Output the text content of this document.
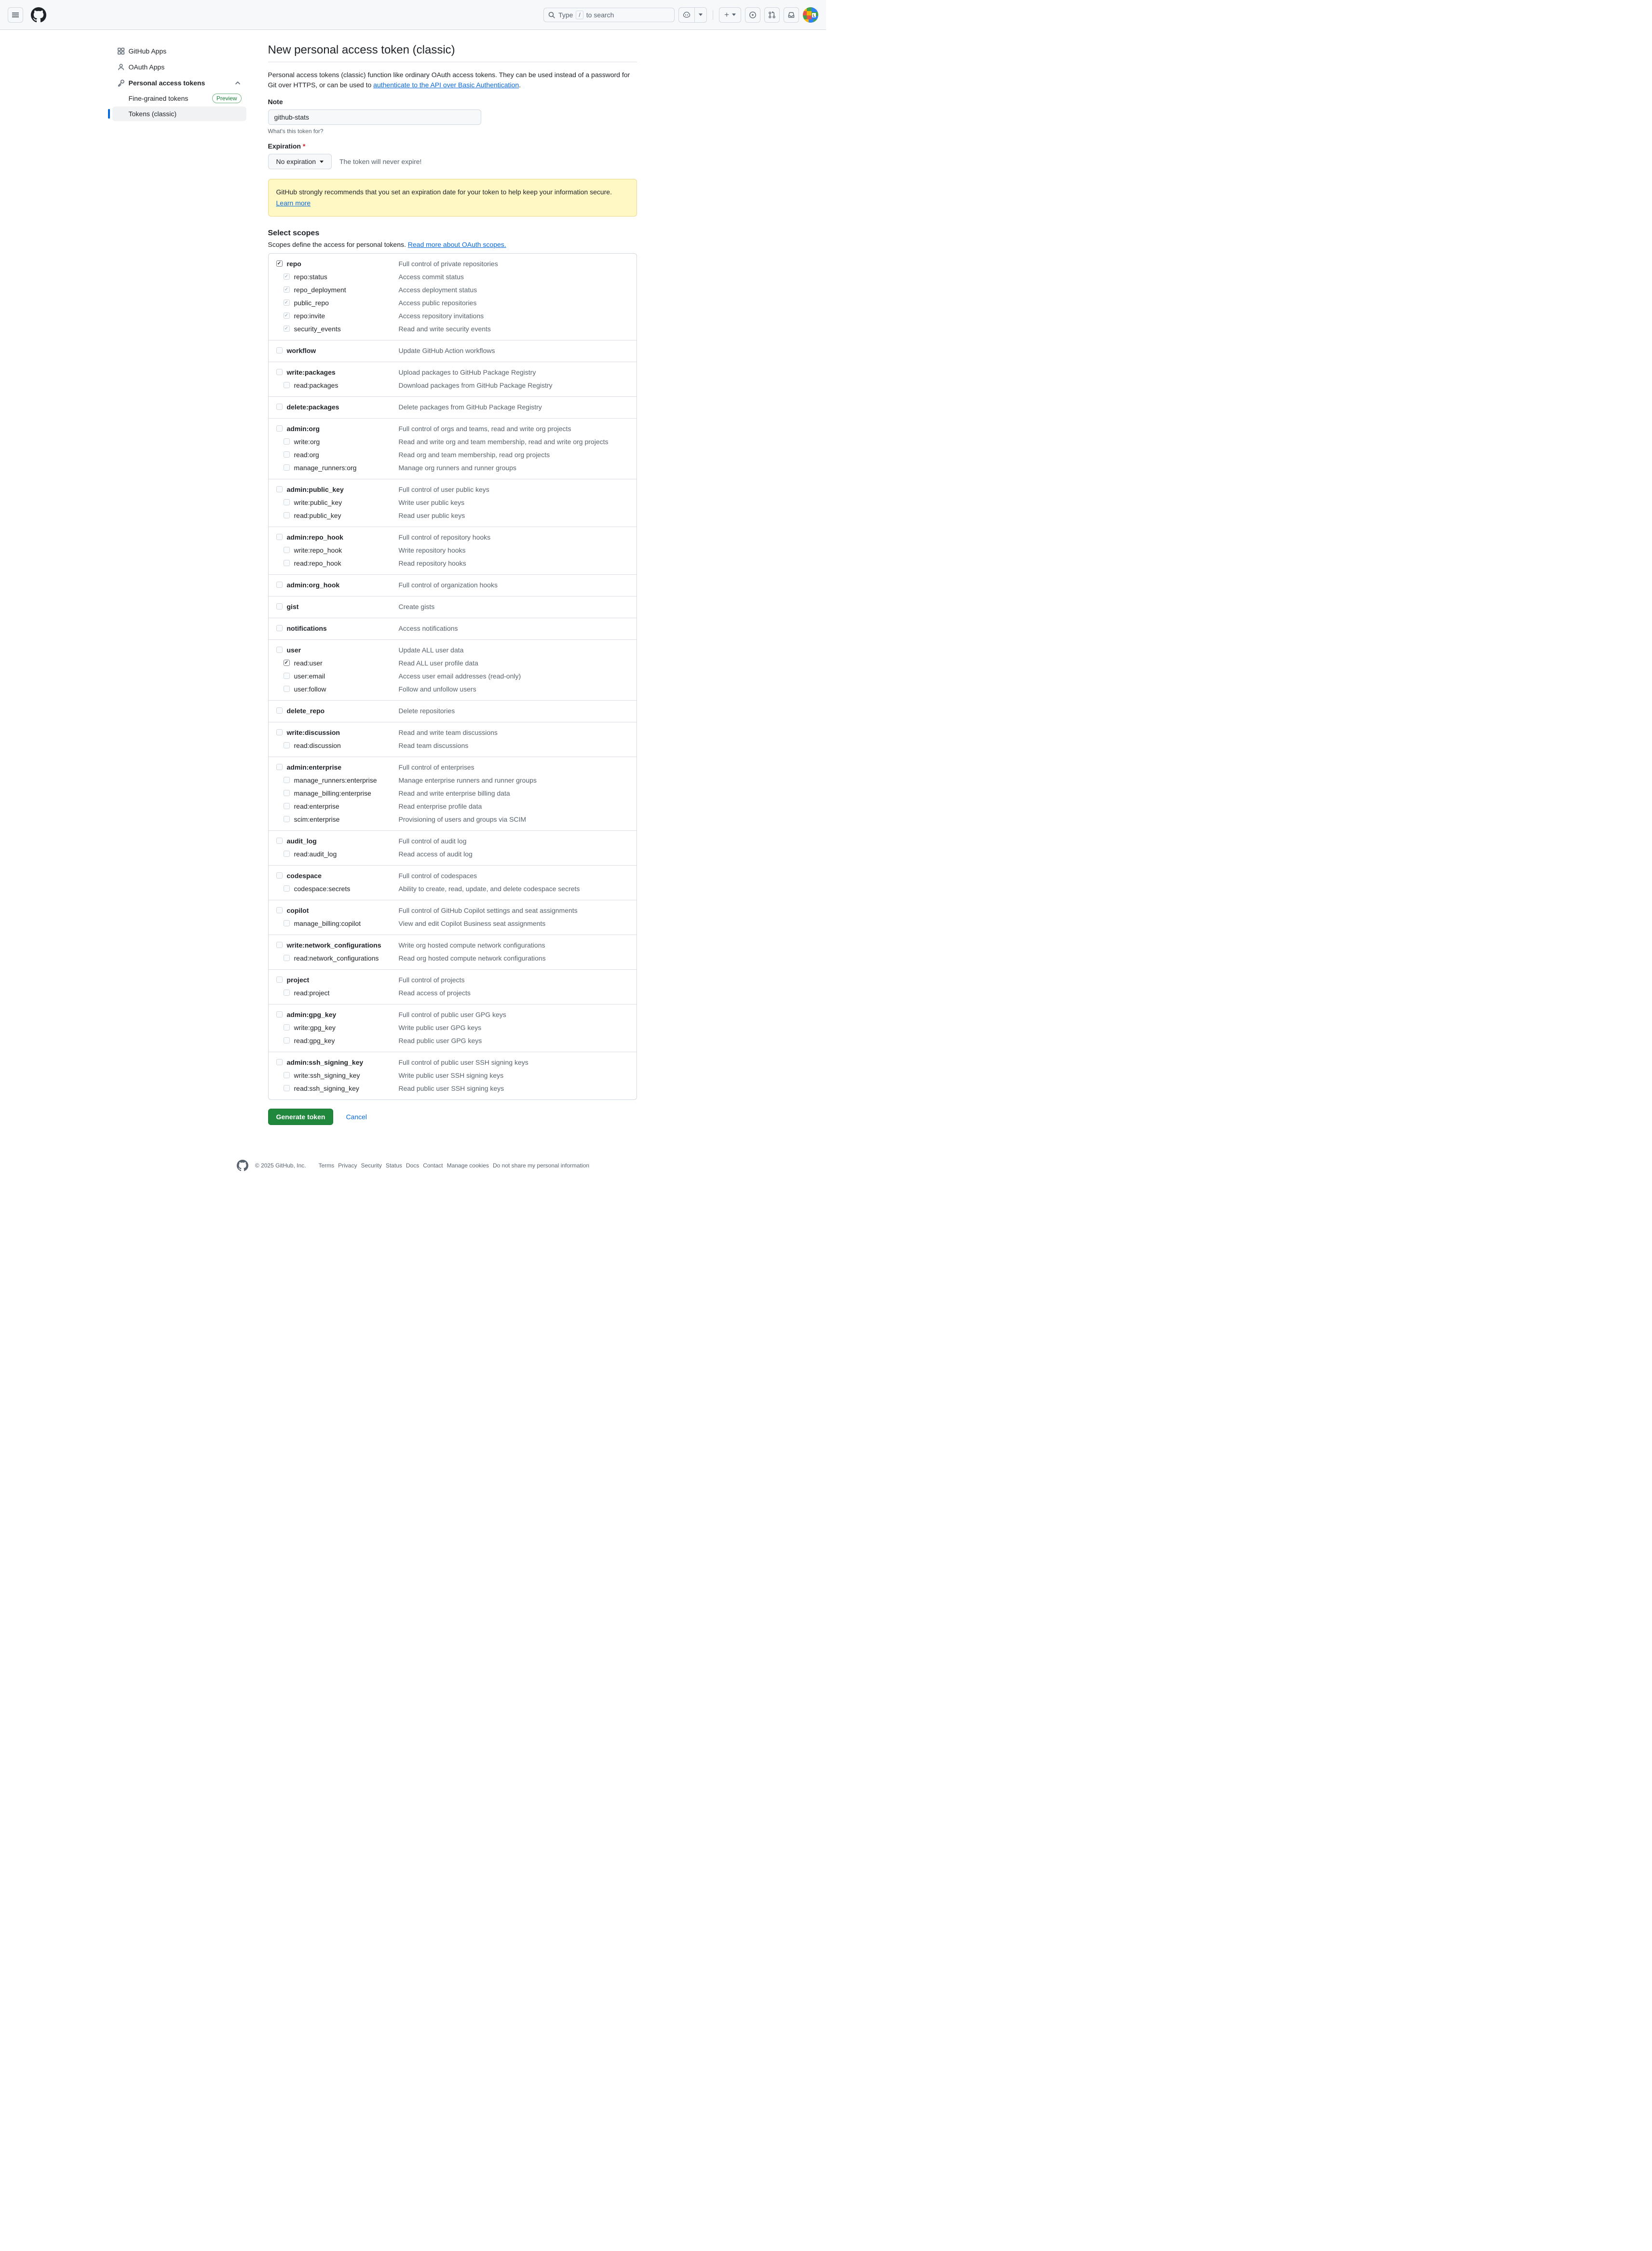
Type	/ to search	+	L
GitHub Apps
OAuth Apps
Personal access tokens
Fine-grained tokens	Preview
Tokens (classic)
New personal access token (classic)

Personal access tokens (classic) function like ordinary OAuth access tokens. They can be used instead of a password for Git over HTTPS, or can be used to authenticate to the API over Basic Authentication.

Note
github-stats
What's this token for?
Expiration *
No expiration	The token will never expire!
GitHub strongly recommends that you set an expiration date for your token to help keep your information secure.
Learn more
Select scopes

Scopes define the access for personal tokens. Read more about OAuth scopes.

✓ repo	Full control of private repositories
✓ repo:status	Access commit status
✓ repo_deployment	Access deployment status
✓ public_repo	Access public repositories
✓ repo:invite	Access repository invitations
✓ security_events	Read and write security events
workflow	Update GitHub Action workflows
write:packages	Upload packages to GitHub Package Registry
read:packages	Download packages from GitHub Package Registry
delete:packages	Delete packages from GitHub Package Registry
admin:org	Full control of orgs and teams, read and write org projects
write:org	Read and write org and team membership, read and write org projects
read:org	Read org and team membership, read org projects
manage_runners:org	Manage org runners and runner groups
admin:public_key	Full control of user public keys
write:public_key	Write user public keys
read:public_key	Read user public keys
admin:repo_hook	Full control of repository hooks
write:repo_hook	Write repository hooks
read:repo_hook	Read repository hooks
admin:org_hook	Full control of organization hooks
gist	Create gists
notifications	Access notifications
user	Update ALL user data
✓ read:user	Read ALL user profile data
user:email	Access user email addresses (read-only)
user:follow	Follow and unfollow users
delete_repo	Delete repositories
write:discussion	Read and write team discussions
read:discussion	Read team discussions
admin:enterprise	Full control of enterprises
manage_runners:enterprise	Manage enterprise runners and runner groups
manage_billing:enterprise	Read and write enterprise billing data
read:enterprise	Read enterprise profile data
scim:enterprise	Provisioning of users and groups via SCIM
audit_log	Full control of audit log
read:audit_log	Read access of audit log
codespace	Full control of codespaces
codespace:secrets	Ability to create, read, update, and delete codespace secrets
copilot	Full control of GitHub Copilot settings and seat assignments
manage_billing:copilot	View and edit Copilot Business seat assignments
write:network_configurations	Write org hosted compute network configurations
read:network_configurations	Read org hosted compute network configurations
project	Full control of projects
read:project	Read access of projects
admin:gpg_key	Full control of public user GPG keys
write:gpg_key	Write public user GPG keys
read:gpg_key	Read public user GPG keys
admin:ssh_signing_key	Full control of public user SSH signing keys
write:ssh_signing_key	Write public user SSH signing keys
read:ssh_signing_key	Read public user SSH signing keys
Generate token	Cancel
© 2025 GitHub, Inc.	Terms Privacy Security Status Docs Contact Manage cookies Do not share my personal information
